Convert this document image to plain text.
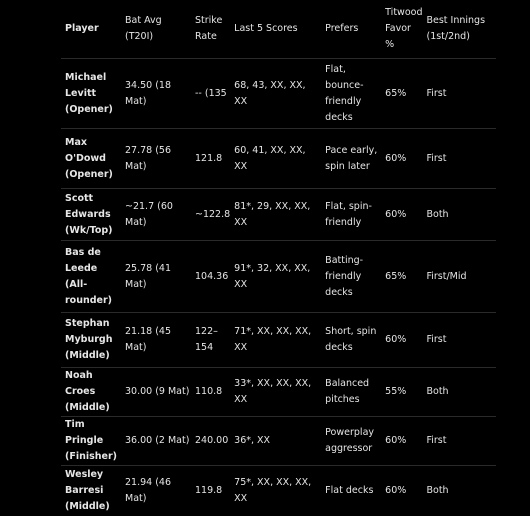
Player	Bat Avg (T20I)	Strike Rate	Last 5 Scores	Prefers	Titwood Favor %	Best Innings (1st/2nd)
Michael Levitt (Opener)	34.50 (18 Mat)	-- (135	68, 43, XX, XX, XX	Flat, bounce-friendly decks	65%	First
Max O'Dowd (Opener)	27.78 (56 Mat)	121.8	60, 41, XX, XX, XX	Pace early, spin later	60%	First
Scott Edwards (Wk/Top)	~21.7 (60 Mat)	~122.8	81*, 29, XX, XX, XX	Flat, spin-friendly	60%	Both
Bas de Leede (All-rounder)	25.78 (41 Mat)	104.36	91*, 32, XX, XX, XX	Batting-friendly decks	65%	First/Mid
Stephan Myburgh (Middle)	21.18 (45 Mat)	122–154	71*, XX, XX, XX, XX	Short, spin decks	60%	First
Noah Croes (Middle)	30.00 (9 Mat)	110.8	33*, XX, XX, XX, XX	Balanced pitches	55%	Both
Tim Pringle (Finisher)	36.00 (2 Mat)	240.00	36*, XX	Powerplay aggressor	60%	First
Wesley Barresi (Middle)	21.94 (46 Mat)	119.8	75*, XX, XX, XX, XX	Flat decks	60%	Both
